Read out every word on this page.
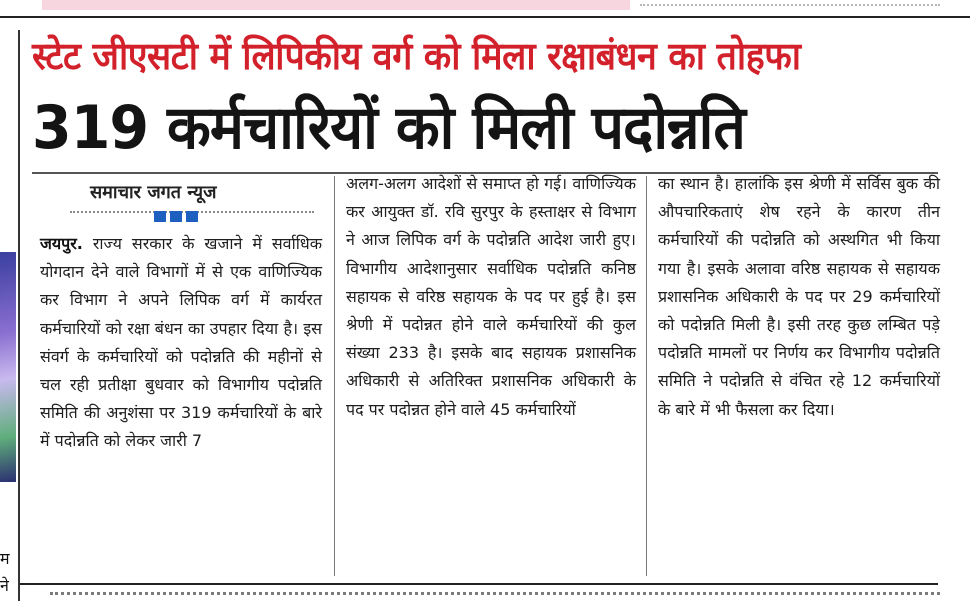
म
ने
स्टेट जीएसटी में लिपिकीय वर्ग को मिला रक्षाबंधन का तोहफा
319 कर्मचारियों को मिली पदोन्नति
समाचार जगत न्यूज

जयपुर. राज्य सरकार के खजाने में सर्वाधिक योगदान देने वाले विभागों में से एक वाणिज्यिक कर विभाग ने अपने लिपिक वर्ग में कार्यरत कर्मचारियों को रक्षा बंधन का उपहार दिया है। इस संवर्ग के कर्मचारियों को पदोन्नति की महीनों से चल रही प्रतीक्षा बुधवार को विभागीय पदोन्नति समिति की अनुशंसा पर 319 कर्मचारियों के बारे में पदोन्नति को लेकर जारी 7

अलग-अलग आदेशों से समाप्त हो गई। वाणिज्यिक कर आयुक्त डॉ. रवि सुरपुर के हस्ताक्षर से विभाग ने आज लिपिक वर्ग के पदोन्नति आदेश जारी हुए। विभागीय आदेशानुसार सर्वाधिक पदोन्नति कनिष्ठ सहायक से वरिष्ठ सहायक के पद पर हुई है। इस श्रेणी में पदोन्नत होने वाले कर्मचारियों की कुल संख्या 233 है। इसके बाद सहायक प्रशासनिक अधिकारी से अतिरिक्त प्रशासनिक अधिकारी के पद पर पदोन्नत होने वाले 45 कर्मचारियों

का स्थान है। हालांकि इस श्रेणी में सर्विस बुक की औपचारिकताएं शेष रहने के कारण तीन कर्मचारियों की पदोन्नति को अस्थगित भी किया गया है। इसके अलावा वरिष्ठ सहायक से सहायक प्रशासनिक अधिकारी के पद पर 29 कर्मचारियों को पदोन्नति मिली है। इसी तरह कुछ लम्बित पड़े पदोन्नति मामलों पर निर्णय कर विभागीय पदोन्नति समिति ने पदोन्नति से वंचित रहे 12 कर्मचारियों के बारे में भी फैसला कर दिया।
